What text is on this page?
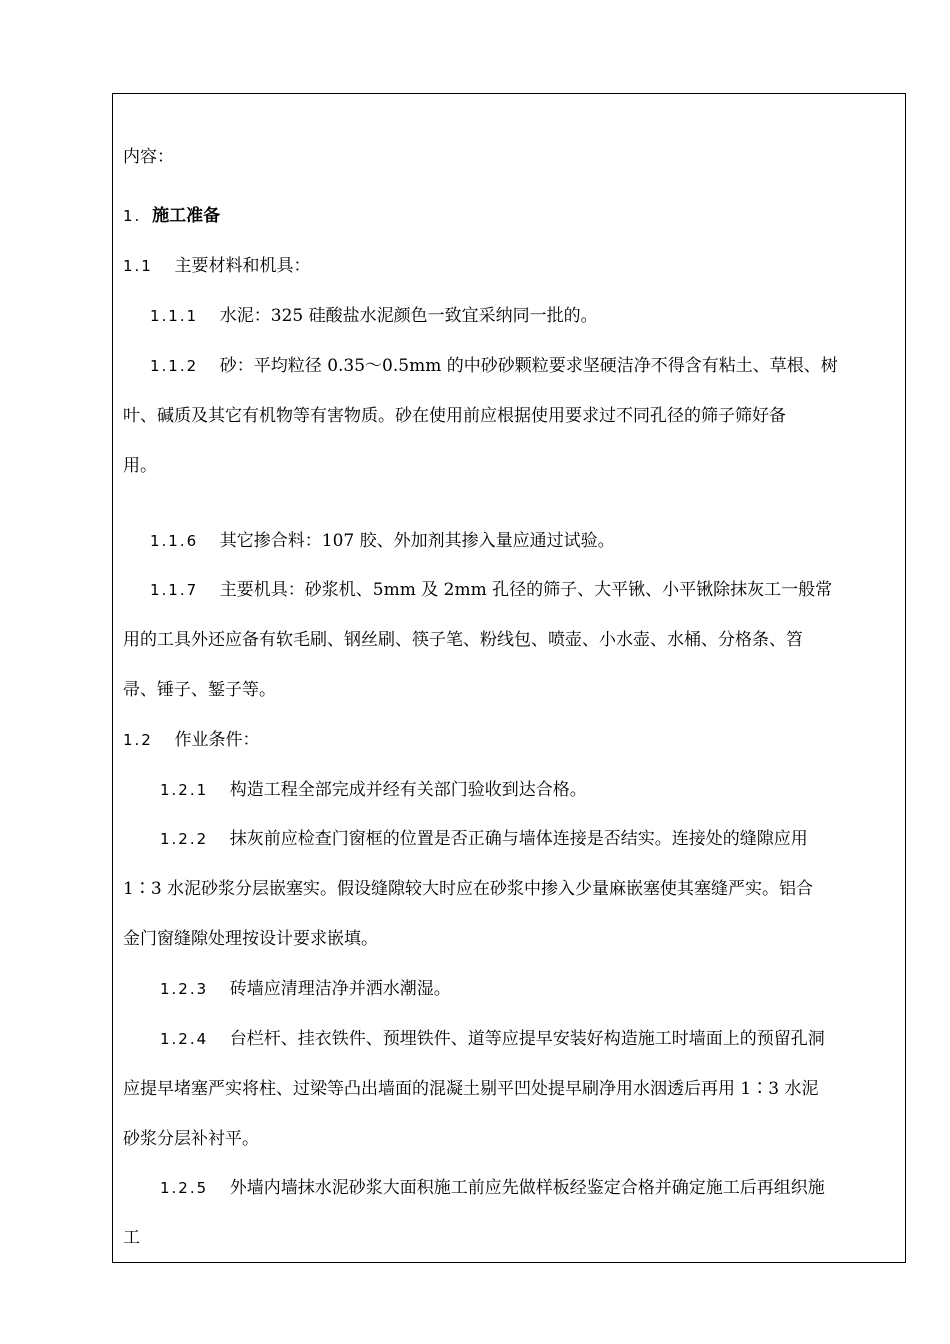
内容：
1. 施工准备
1.1 主要材料和机具：
1.1.1 水泥：325 硅酸盐水泥颜色一致宜采纳同一批的。
1.1.2 砂：平均粒径 0.35～0.5mm 的中砂砂颗粒要求坚硬洁净不得含有粘土、草根、树
叶、碱质及其它有机物等有害物质。砂在使用前应根据使用要求过不同孔径的筛子筛好备
用。
1.1.6 其它掺合料：107 胶、外加剂其掺入量应通过试验。
1.1.7 主要机具：砂浆机、5mm 及 2mm 孔径的筛子、大平锹、小平锹除抹灰工一般常
用的工具外还应备有软毛刷、钢丝刷、筷子笔、粉线包、喷壶、小水壶、水桶、分格条、笤
帚、锤子、錾子等。
1.2 作业条件：
1.2.1 构造工程全部完成并经有关部门验收到达合格。
1.2.2 抹灰前应检查门窗框的位置是否正确与墙体连接是否结实。连接处的缝隙应用
1∶3 水泥砂浆分层嵌塞实。假设缝隙较大时应在砂浆中掺入少量麻嵌塞使其塞缝严实。铝合
金门窗缝隙处理按设计要求嵌填。
1.2.3 砖墙应清理洁净并洒水潮湿。
1.2.4 台栏杆、挂衣铁件、预埋铁件、道等应提早安装好构造施工时墙面上的预留孔洞
应提早堵塞严实将柱、过梁等凸出墙面的混凝土剔平凹处提早刷净用水洇透后再用 1∶3 水泥
砂浆分层补衬平。
1.2.5 外墙内墙抹水泥砂浆大面积施工前应先做样板经鉴定合格并确定施工后再组织施
工
